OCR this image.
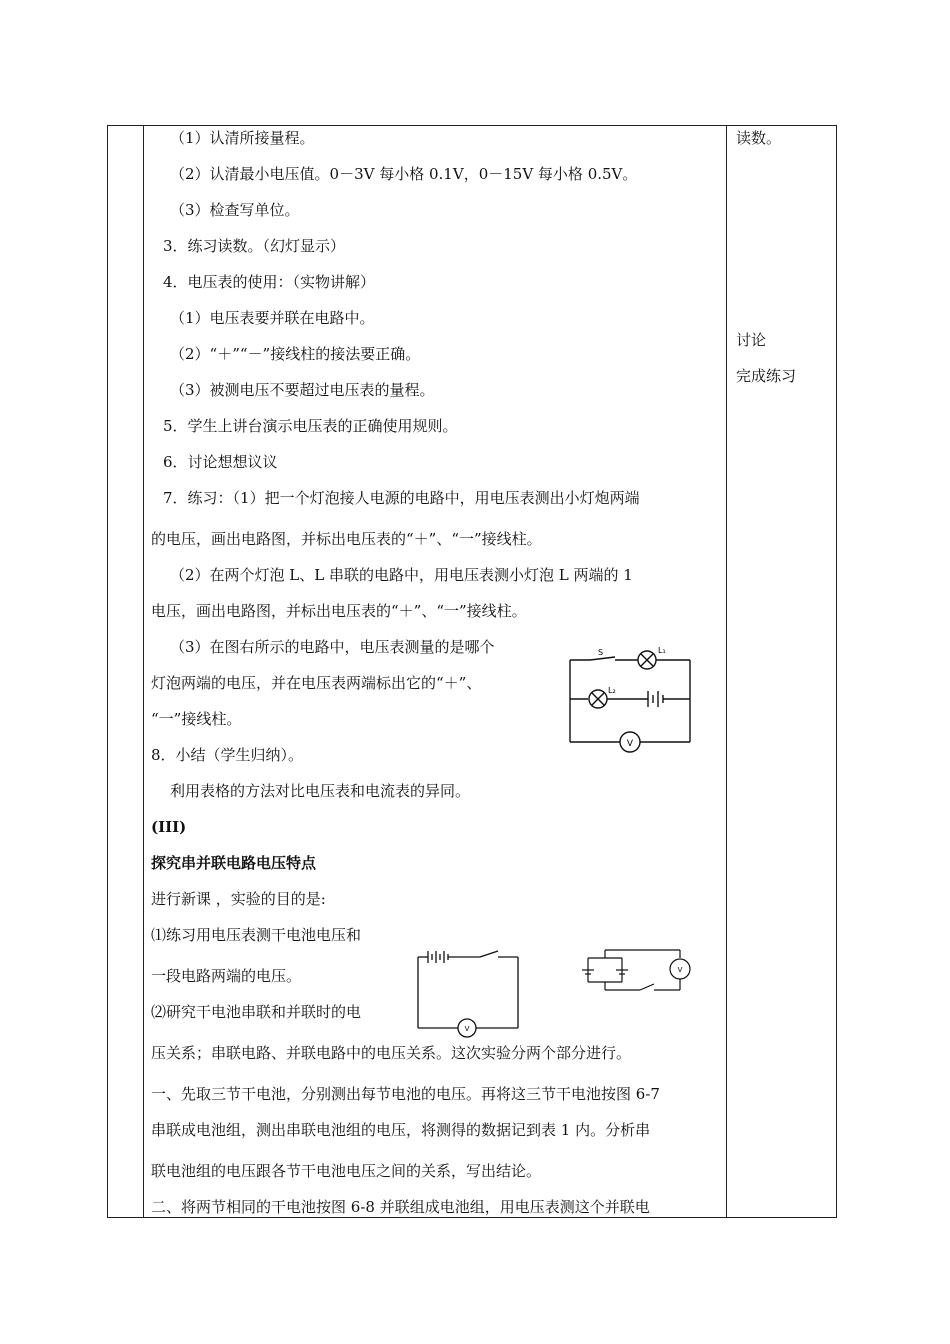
（1）认清所接量程。
（2）认清最小电压值。0－3V 每小格 0.1V，0－15V 每小格 0.5V。
（3）检查写单位。
3．练习读数。（幻灯显示）
4．电压表的使用：（实物讲解）
（1）电压表要并联在电路中。
（2）“＋”“－”接线柱的接法要正确。
（3）被测电压不要超过电压表的量程。
5．学生上讲台演示电压表的正确使用规则。
6．讨论想想议议
7．练习：（1）把一个灯泡接人电源的电路中，用电压表测出小灯炮两端
的电压，画出电路图，并标出电压表的“＋”、“一”接线柱。
（2）在两个灯泡 L、L 串联的电路中，用电压表测小灯泡 L 两端的 1
电压，画出电路图，并标出电压表的“＋”、“一”接线柱。
（3）在图右所示的电路中，电压表测量的是哪个
灯泡两端的电压，并在电压表两端标出它的“＋”、
“一”接线柱。
8．小结（学生归纳）。
利用表格的方法对比电压表和电流表的异同。
(III)
探究串并联电路电压特点
进行新课 ，实验的目的是:
⑴练习用电压表测干电池电压和
一段电路两端的电压。
⑵研究干电池串联和并联时的电
压关系；串联电路、并联电路中的电压关系。这次实验分两个部分进行。
一、先取三节干电池，分别测出每节电池的电压。再将这三节干电池按图 6-7
串联成电池组，测出串联电池组的电压，将测得的数据记到表 1 内。分析串
联电池组的电压跟各节干电池电压之间的关系，写出结论。
二、将两节相同的干电池按图 6-8 并联组成电池组，用电压表测这个并联电
读数。
讨论
完成练习
S	L₁
L₂
V
V
V
